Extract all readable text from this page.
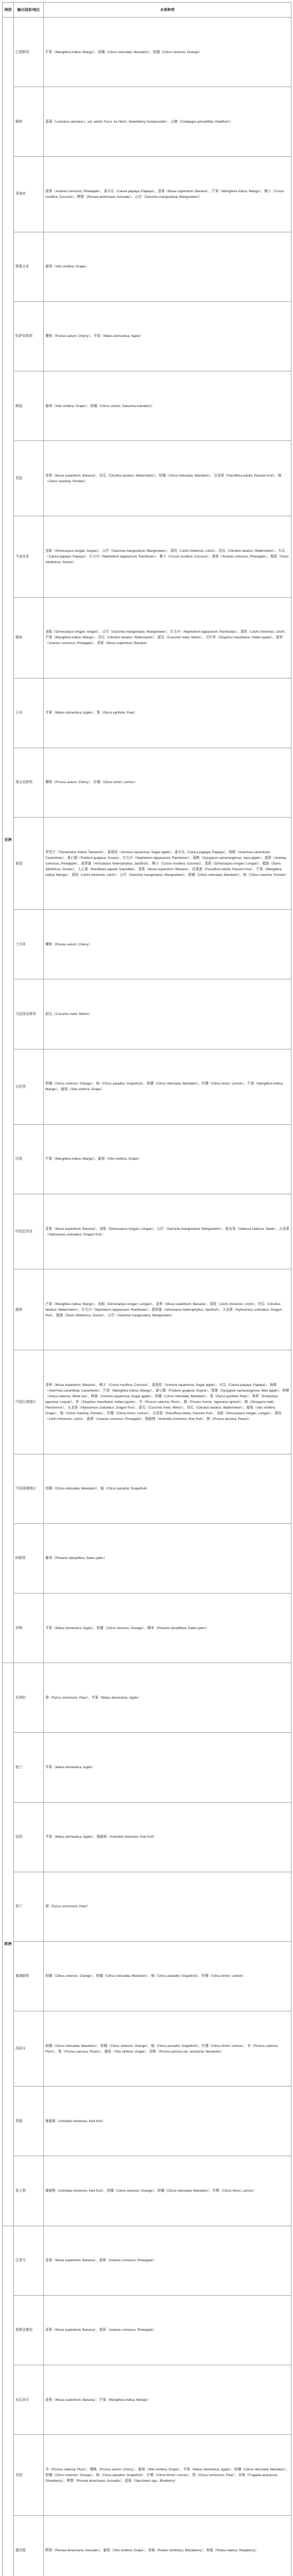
洲别	输出国家/地区	水果种类
亚洲	巴基斯坦	芒果（Mangifera indica; Mango）、柑橘（Citrus reticulata; Mandarin）、柑橘（Citrus sinensis; Orange）
	朝鲜	蓝莓（Lonicera caerulea L. var. edulis Turcz. ex Herd.; Sweetberry honeysuckle）、山楂（Crataegus pinnatifida; Hawthorn）
	菲律宾	菠萝（Ananas comosus; Pineapple）、番木瓜（Carica papaya; Papaya）、香蕉（Musa supientum; Banana）、芒果（Mangifera indica; Mango）、椰子（Cocos nucifera; Coconut）、鳄梨（Persea americana; Avocado）、山竹（Garcinia mangostana; Mangosteen）
	格鲁吉亚	葡萄（Vitis vinifera; Grape）
	哈萨克斯坦	樱桃（Prunus avium; Cherry）、苹果（Malus domestica; Apple）
	韩国	葡萄（Vitis vinifera; Grape）、柑橘（Citrus unshiu; Satsuma mandarin）
	老挝	香蕉（Musa supientum; Banana）、西瓜（Citrullus lanatus; Watermelon）、柑橘（Citrus reticulata; Mandarin）、百香果（Passiflora edulis; Passion fruit）、柚（Citrus maxima; Pomelo）
	马来西亚	龙眼（Dimocarpus longan; longan）、山竹（Garcinia mangostana; Mangosteen）、荔枝（Litchi chinensis; Litchi）、西瓜（Citrullus lanatus; Watermelon）、木瓜（Carica papaya; Papaya）、红毛丹（Nephelium lappaceum; Rambutan）、椰子（Cocos nucifera; Coconut）、菠萝（Ananas comosus; Pineapple）、榴莲（Durio zibethinus; Durian）
	缅甸	龙眼（Dimocarpus longan; longan）、山竹（Garcinia mangostana; Mangosteen）、红毛丹（Nephelium lappaceum; Rambutan）、荔枝（Litchi chinensis; Litchi）、芒果（Mangifera indica; Mango）、西瓜（Citrullus lanatus; Watermelon）、甜瓜（Cucumis melo; Melon）、毛叶枣（Zizyphus mauritiana; Indian jujube）、菠萝（Ananas comosus; Pineapple）、香蕉（Musa supientum; Banana）
	日本	苹果（Malus domestica; Apple）、梨（Pyrus pyrifolia; Pear）
	塔吉克斯坦	樱桃（Prunus avium; Cherry）、柠檬（Citrus limon; Lemon）
	泰国	罗望子（Tamarindus indica; Tamarind）、番荔枝（Annona squamosa; Sugar apple）、番木瓜（Carica papaya; Papaya）、杨桃（Averrhoa carambola; Carambola）、番石榴（Psidium guajava; Guava）、红毛丹（Nephelium lappaceum; Rambutan）、蒲桃（Syzygium samarangense; Java apple）、菠萝（Ananas comosus; Pineapple）、菠萝蜜（Artocarpus heterophyllus; Jackfruit）、椰子（Cocos nucifera; Coconut）、龙眼（Dimocarpus longan; Longan）、榴莲（Durio zibethinus; Durian）、人心果（Manilkara zapota; Sapodilla）、香蕉（Musa supientum; Banana）、西番莲（Passiflora edulis; Passion fruit）、芒果（Mangifera indica; Mango）、荔枝（Litchi chinensis; Litchi）、山竹（Garcinia mangostana; Mangosteen）、柑橘（Citrus reticulata; Mandarin）、柚（Citrus maxima; Pomelo）
	土耳其	樱桃（Prunus avium; Cherry）
	乌兹别克斯坦	甜瓜（Cucumis melo; Melon）
	以色列	柑橘（Citrus sinensis; Orange）、柚（Citrus paradisi; Grapefruit）、柑橘（Citrus reticulata; Mandarin）、柠檬（Citrus limon; Lemon）、芒果（Mangifera indica; Mango）、葡萄（Vitis vinifera; Grape）
	印度	芒果（Mangifera indica; Mango）、葡萄（Vitis vinifera; Grape）
	印度尼西亚	香蕉（Musa supientum; Banana）、龙眼（Dimocarpus longan; Longan）、山竹（Garcinia mangostana; Mangosteen）、蛇皮果（Salacca zalacca; Salak）、火龙果（Hylocereus undulatus; Dragon fruit）
	越南	芒果（Mangifera indica; Mango）、龙眼（Dimocarpus longan; Longan）、香蕉（Musa supientum; Banana）、荔枝（Litchi chinensis; Litchi）、西瓜（Citrullus lanatus; Watermelon）、红毛丹（Nephelium lappaceum; Rambutan）、菠萝蜜（Artocarpus heterophyllus; Jackfruit）、火龙果（Hylocereus undulatus; Dragon fruit）、榴莲（Durio zibethinus; Durian）、山竹（Garcinia mangostana; Mangosteen）
	中国台湾地区	香蕉（Musa supientum; Banana）、椰子（Cocos nucifera; Coconut）、番荔枝（Annona squamosa; Sugar apple）、木瓜（Carica papaya; Papaya）、杨桃（Averrhoa carambola; Carambola）、芒果（Mangifera indica; Mango）、番石榴（Psidium guajava; Guava）、莲雾（Syzygium samarangense; Wax apple）、槟榔（Areca catechu; Betel nut）、释迦（Annona squamosa; Sugar apple）、柑橘（Citrus reticulata; Mandarin）、梨（Pyrus pyrifolia; Pear）、枇杷（Eriobotrya japonica; Loquat）、枣（Zizyphus mauritiana; Indian jujube）、李（Prunus salicina; Plum）、梅（Prunus mume; Japanese apricot）、柿（Diospyros kaki; Persimmon）、火龙果（Hylocereus undulatus; Dragon fruit）、甜瓜（Cucumis melo; Melon）、西瓜（Citrullus lanatus; Watermelon）、葡萄（Vitis vinifera; Grape）、柚（Citrus maxima; Pomelo）、柠檬（Citrus limon; Lemon）、百香果（Passiflora edulis; Passion fruit）、龙眼（Dimocarpus longan; Longan）、荔枝（Litchi chinensis; Litchi）、菠萝（Ananas comosus; Pineapple）、猕猴桃（Actinidia chinensis; Kiwi fruit）、桃（Prunus persica; Peach）
	中国香港地区	柑橘（Citrus reticulata; Mandarin）、柚（Citrus paradisi; Grapefruit）
	阿联酋	椰枣（Phoenix dactylifera; Dates palm）
	伊朗	苹果（Malus domestica; Apple）、柑橘（Citrus sinensis; Orange）、椰枣（Phoenix dactylifera; Dates palm）
欧洲	比利时	梨（Pyrus communis; Pear）、苹果（Malus domestica; Apple）
	波兰	苹果（Malus domestica; Apple）
	法国	苹果（Malus domestica; Apple）、猕猴桃（Actinidia chinensis; Kiwi fruit）
	荷兰	梨（Pyrus communis; Pear）
	塞浦路斯	柑橘（Citrus sinensis; Orange）、柑橘（Citrus reticulata; Mandarin）、柚（Citrus paradisi; Grapefruit）、柠檬（Citrus limon; Lemon）
	西班牙	柑橘（Citrus reticulata; Mandarin）、柑橘（Citrus sinensis; Orange）、柚（Citrus paradisi; Grapefruit）、柠檬（Citrus limon; Lemon）、李（Prunus salicina; Plum）、桃（Prunus persica; Peach）、葡萄（Vitis vinifera; Grape）、油桃（Prunus persica var. nectarina; Nectarine）
	希腊	猕猴桃（Actinidia chinensis; Kiwi fruit）
	意大利	猕猴桃（Actinidia chinensis; Kiwi fruit）、柑橘（Citrus sinensis; Orange）、柑橘（Citrus reticulata; Mandarin）、柠檬（Citrus limon; Lemon）
	巴拿马	香蕉（Musa supientum; Banana）、菠萝（Ananas comosus; Pineapple）
	哥斯达黎加	香蕉（Musa supientum; Banana）、菠萝（Ananas comosus; Pineapple）
	厄瓜多尔	香蕉（Musa supientum; Banana）、芒果（Mangifera indica; Mango）
	美国	李（Prunus salicina; Plum）、樱桃（Prunus avium; Cherry）、葡萄（Vitis vinifera; Grape）、苹果（Malus domestica; Apple）、柑橘（Citrus reticulata; Mandarin）、柑橘（Citrus sinensis; Orange）、柚（Citrus paradisi; Grapefruit）、柠檬（Citrus limon; Lemon）、梨（Pyrus communis; Pear）、草莓（Fragaria ananassa; Strawberry）、鳄梨（Persea americana; Avocado）、蓝莓（Vaccinium spp.; Blueberry）
	墨西哥	鳄梨（Persea americana; Avocado）、葡萄（Vitis vinifera; Grape）、黑莓（Rubus ulmifolius; Blackberry）、树莓（Rubus idaeus; Raspberry）
